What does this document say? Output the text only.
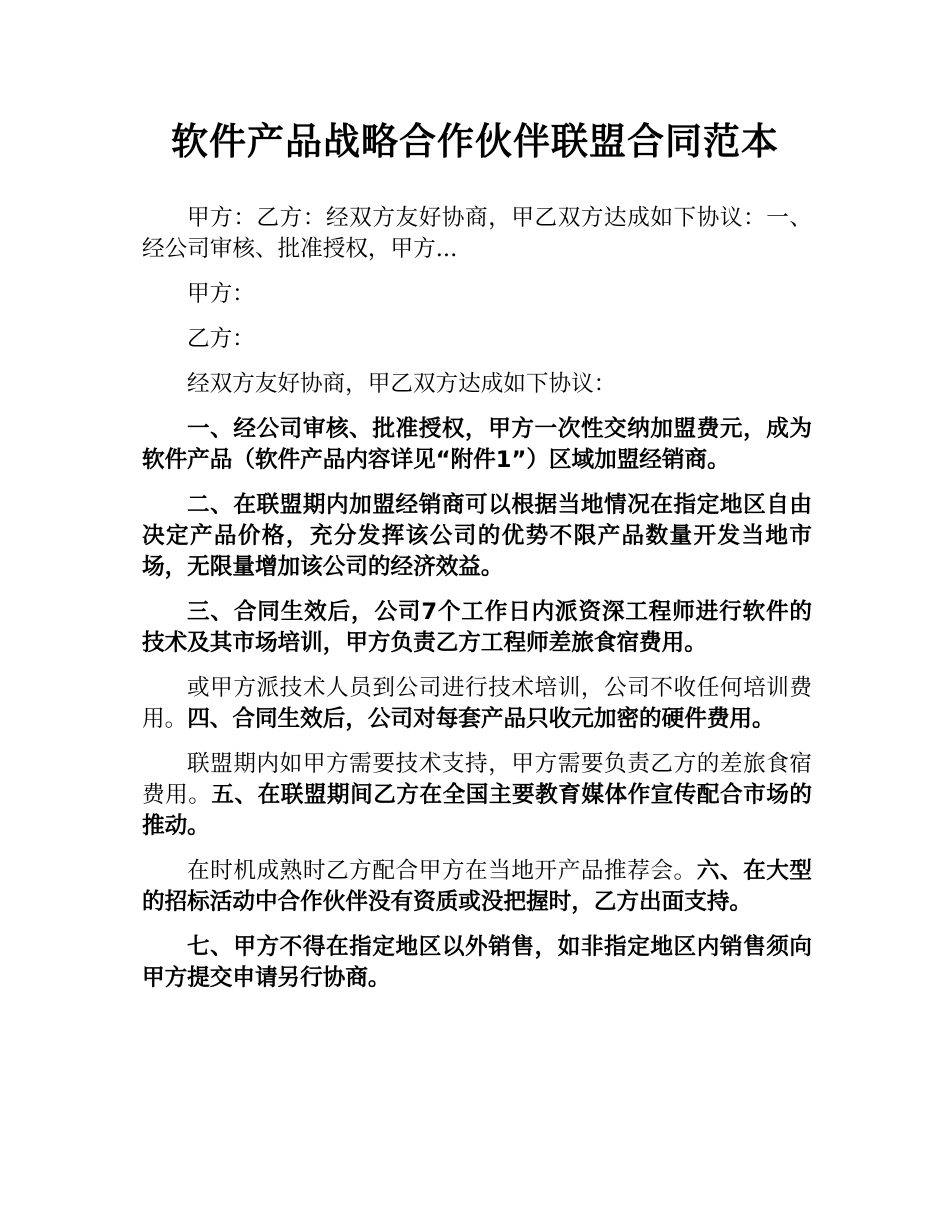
软件产品战略合作伙伴联盟合同范本

甲方：乙方：经双方友好协商，甲乙双方达成如下协议：一、经公司审核、批准授权，甲方...

甲方：

乙方：

经双方友好协商，甲乙双方达成如下协议：

一、经公司审核、批准授权，甲方一次性交纳加盟费元，成为软件产品（软件产品内容详见“附件1”）区域加盟经销商。

二、在联盟期内加盟经销商可以根据当地情况在指定地区自由决定产品价格，充分发挥该公司的优势不限产品数量开发当地市场，无限量增加该公司的经济效益。

三、合同生效后，公司7个工作日内派资深工程师进行软件的技术及其市场培训，甲方负责乙方工程师差旅食宿费用。

或甲方派技术人员到公司进行技术培训，公司不收任何培训费用。四、合同生效后，公司对每套产品只收元加密的硬件费用。

联盟期内如甲方需要技术支持，甲方需要负责乙方的差旅食宿费用。五、在联盟期间乙方在全国主要教育媒体作宣传配合市场的推动。

在时机成熟时乙方配合甲方在当地开产品推荐会。六、在大型的招标活动中合作伙伴没有资质或没把握时，乙方出面支持。

七、甲方不得在指定地区以外销售，如非指定地区内销售须向甲方提交申请另行协商。
